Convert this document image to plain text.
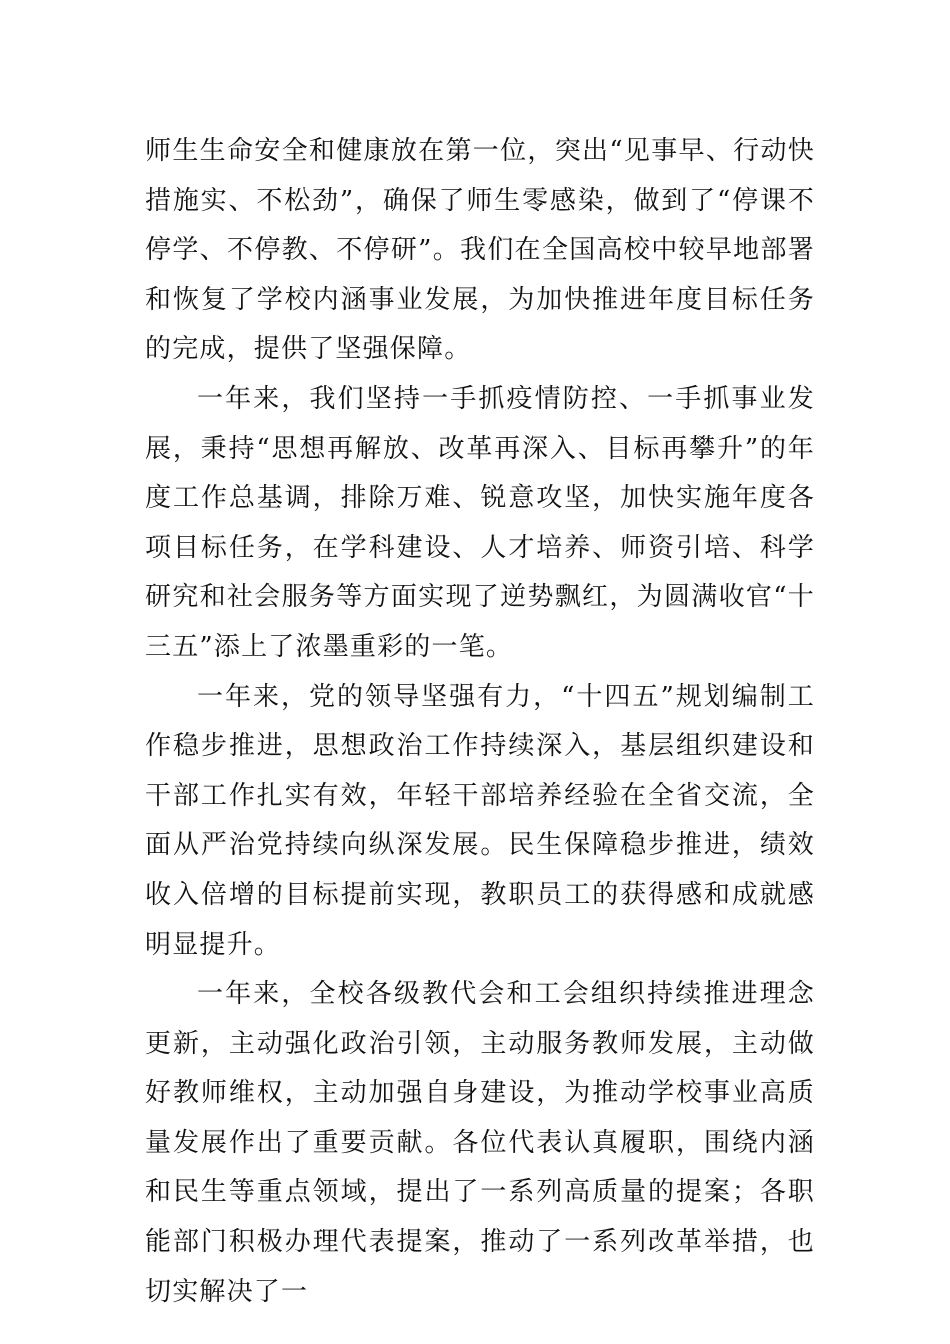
师生生命安全和健康放在第一位，突出“见事早、行动快措施实、不松劲”，确保了师生零感染，做到了“停课不停学、不停教、不停研”。我们在全国高校中较早地部署和恢复了学校内涵事业发展，为加快推进年度目标任务的完成，提供了坚强保障。

一年来，我们坚持一手抓疫情防控、一手抓事业发展，秉持“思想再解放、改革再深入、目标再攀升”的年度工作总基调，排除万难、锐意攻坚，加快实施年度各项目标任务，在学科建设、人才培养、师资引培、科学研究和社会服务等方面实现了逆势飘红，为圆满收官“十三五”添上了浓墨重彩的一笔。

一年来，党的领导坚强有力，“十四五”规划编制工作稳步推进，思想政治工作持续深入，基层组织建设和干部工作扎实有效，年轻干部培养经验在全省交流，全面从严治党持续向纵深发展。民生保障稳步推进，绩效收入倍增的目标提前实现，教职员工的获得感和成就感明显提升。

一年来，全校各级教代会和工会组织持续推进理念更新，主动强化政治引领，主动服务教师发展，主动做好教师维权，主动加强自身建设，为推动学校事业高质量发展作出了重要贡献。各位代表认真履职，围绕内涵和民生等重点领域，提出了一系列高质量的提案；各职能部门积极办理代表提案，推动了一系列改革举措，也切实解决了一
